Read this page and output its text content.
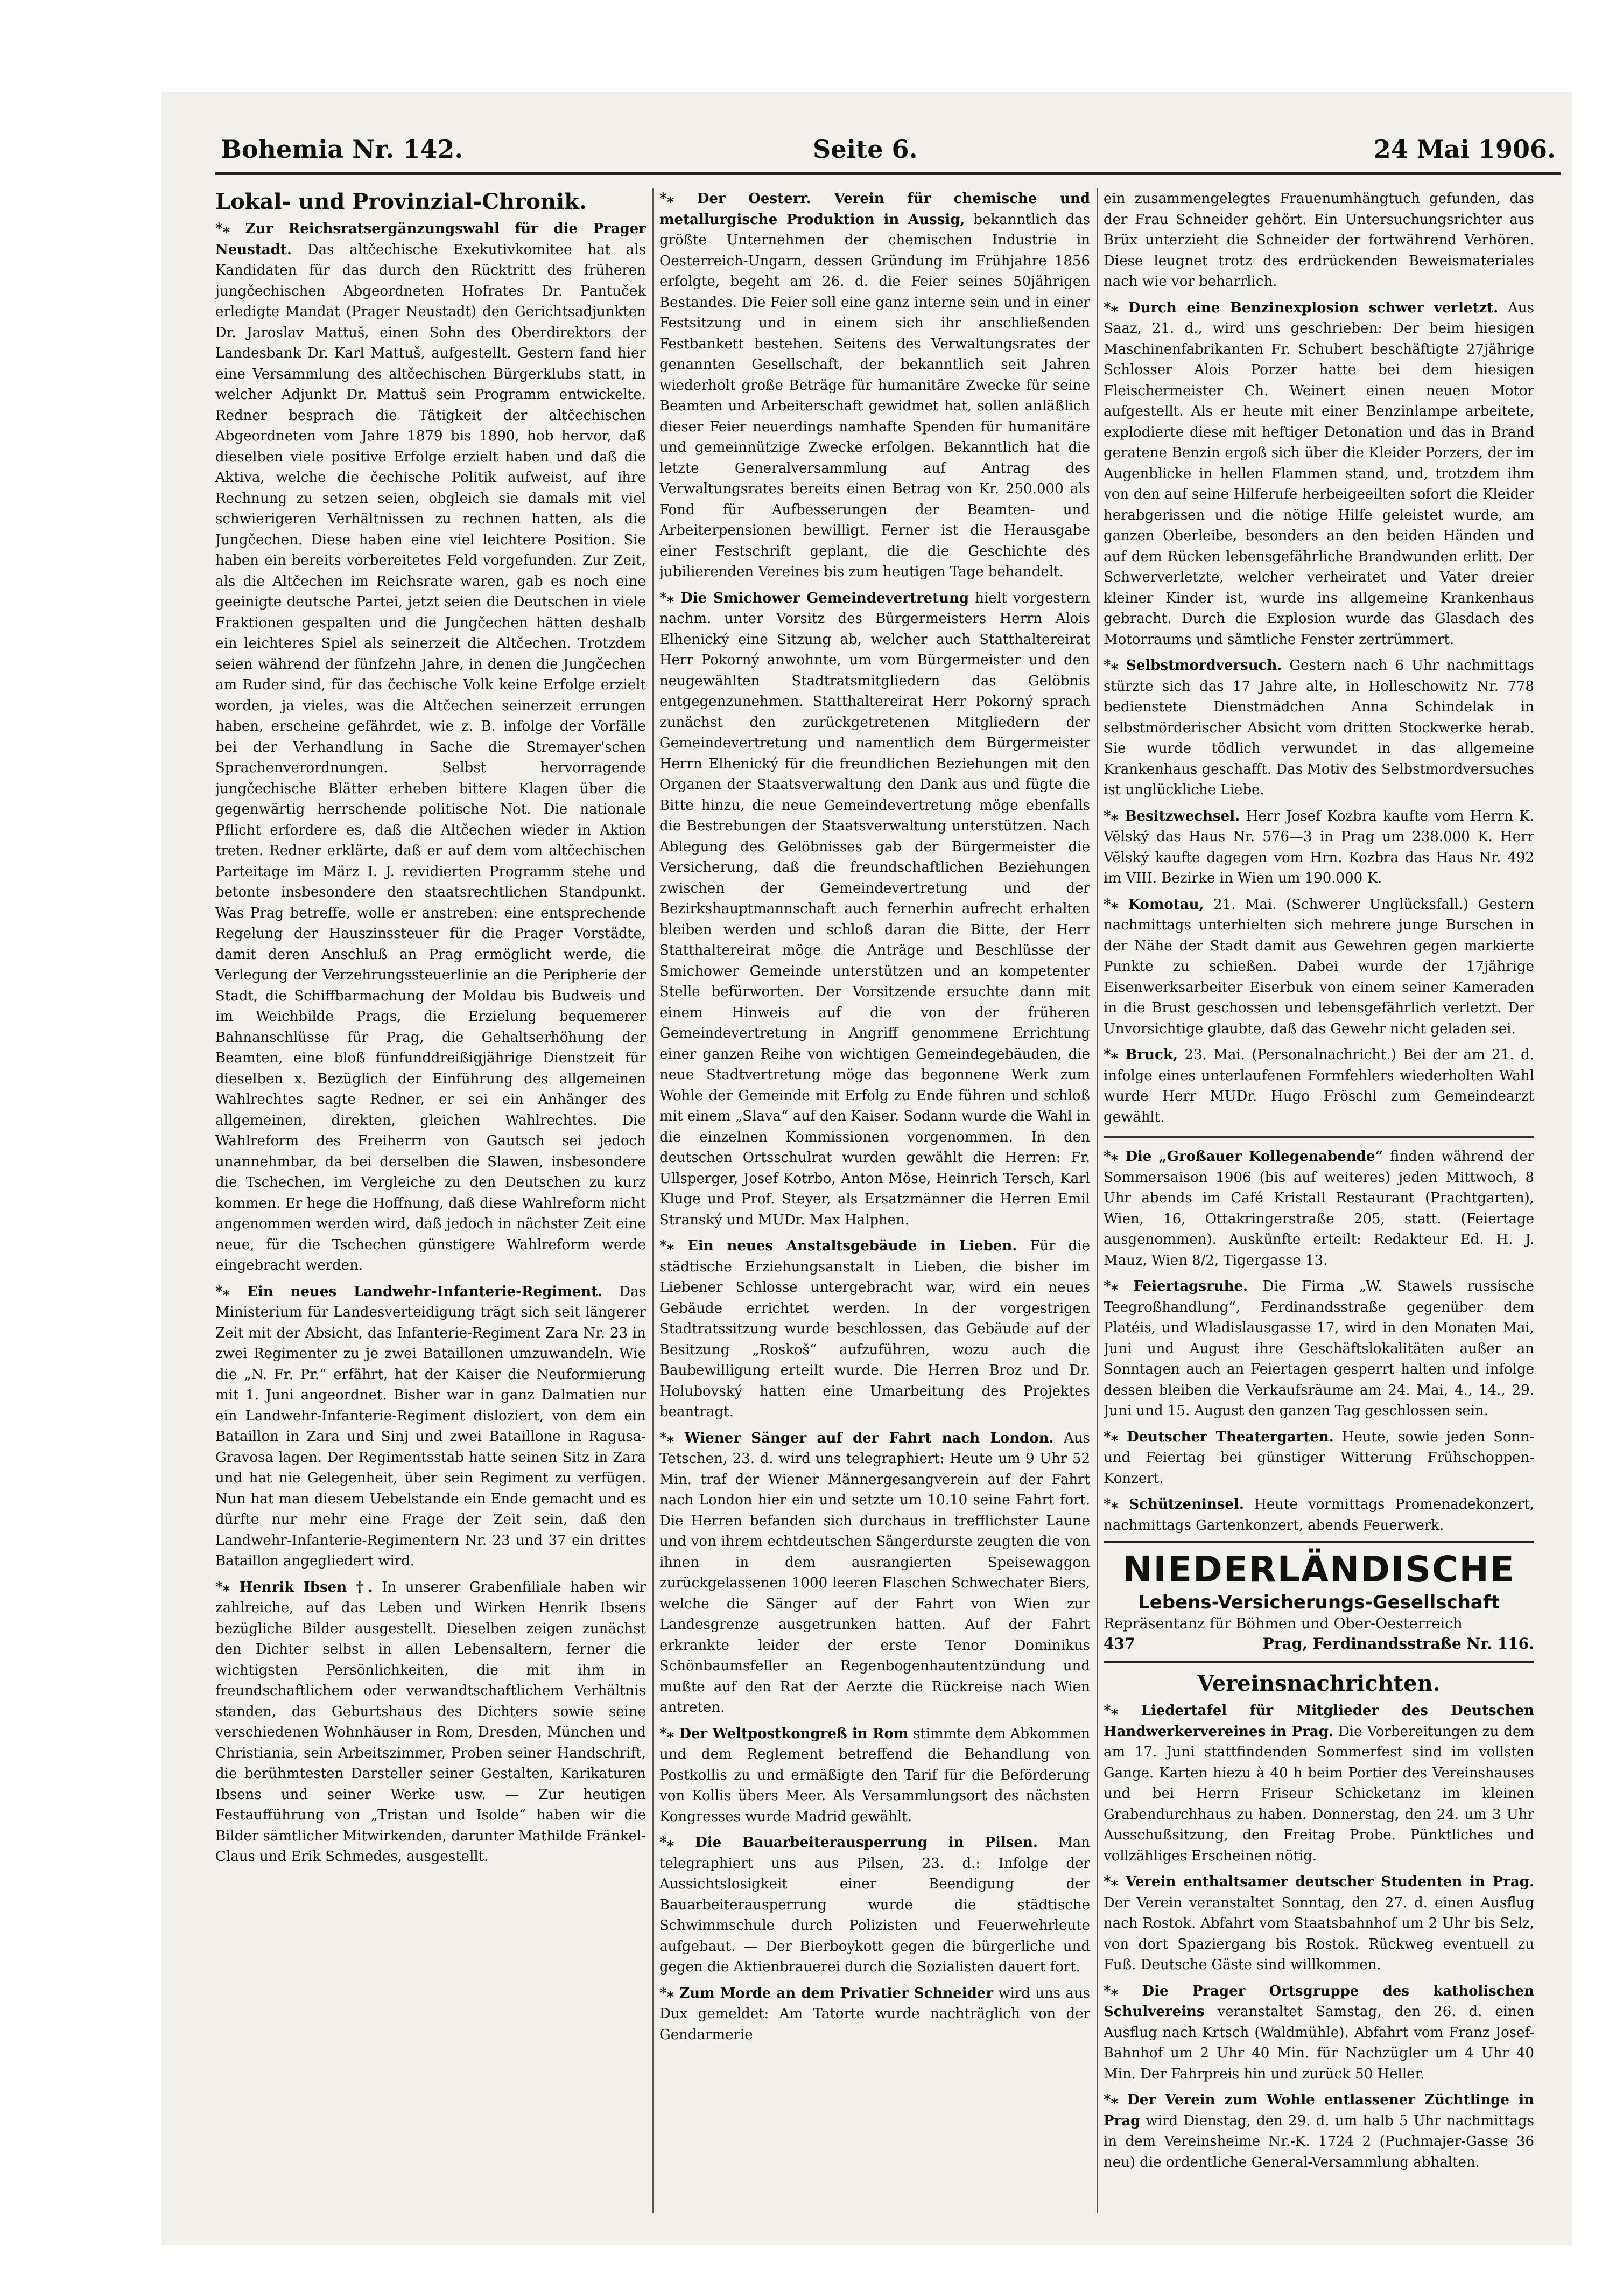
Bohemia Nr. 142.	Seite 6.	24 Mai 1906.
Lokal- und Provinzial-Chronik.
*⁎ Zur Reichsratsergänzungswahl für die Prager Neustadt. Das altčechische Exekutivkomitee hat als Kandidaten für das durch den Rücktritt des früheren jungčechischen Abgeordneten Hofrates Dr. Pantuček erledigte Mandat (Prager Neustadt) den Gerichtsadjunkten Dr. Jaroslav Mattuš, einen Sohn des Oberdirektors der Landesbank Dr. Karl Mattuš, aufgestellt. Gestern fand hier eine Versammlung des altčechischen Bürgerklubs statt, in welcher Adjunkt Dr. Mattuš sein Programm entwickelte. Redner besprach die Tätigkeit der altčechischen Abgeordneten vom Jahre 1879 bis 1890, hob hervor, daß dieselben viele positive Erfolge erzielt haben und daß die Aktiva, welche die čechische Politik aufweist, auf ihre Rechnung zu setzen seien, obgleich sie damals mit viel schwierigeren Verhältnissen zu rechnen hatten, als die Jungčechen. Diese haben eine viel leichtere Position. Sie haben ein bereits vorbereitetes Feld vorgefunden. Zur Zeit, als die Altčechen im Reichsrate waren, gab es noch eine geeinigte deutsche Partei, jetzt seien die Deutschen in viele Fraktionen gespalten und die Jungčechen hätten deshalb ein leichteres Spiel als seinerzeit die Altčechen. Trotzdem seien während der fünfzehn Jahre, in denen die Jungčechen am Ruder sind, für das čechische Volk keine Erfolge erzielt worden, ja vieles, was die Altčechen seinerzeit errungen haben, erscheine gefährdet, wie z. B. infolge der Vorfälle bei der Verhandlung in Sache die Stremayer'schen Sprachenverordnungen. Selbst hervorragende jungčechische Blätter erheben bittere Klagen über die gegenwärtig herrschende politische Not. Die nationale Pflicht erfordere es, daß die Altčechen wieder in Aktion treten. Redner erklärte, daß er auf dem vom altčechischen Parteitage im März I. J. revidierten Programm stehe und betonte insbesondere den staatsrechtlichen Standpunkt. Was Prag betreffe, wolle er anstreben: eine entsprechende Regelung der Hauszinssteuer für die Prager Vorstädte, damit deren Anschluß an Prag ermöglicht werde, die Verlegung der Verzehrungssteuerlinie an die Peripherie der Stadt, die Schiffbarmachung der Moldau bis Budweis und im Weichbilde Prags, die Erzielung bequemerer Bahnanschlüsse für Prag, die Gehaltserhöhung der Beamten, eine bloß fünfunddreißigjährige Dienstzeit für dieselben x. Bezüglich der Einführung des allgemeinen Wahlrechtes sagte Redner, er sei ein Anhänger des allgemeinen, direkten, gleichen Wahlrechtes. Die Wahlreform des Freiherrn von Gautsch sei jedoch unannehmbar, da bei derselben die Slawen, insbesondere die Tschechen, im Vergleiche zu den Deutschen zu kurz kommen. Er hege die Hoffnung, daß diese Wahlreform nicht angenommen werden wird, daß jedoch in nächster Zeit eine neue, für die Tschechen günstigere Wahlreform werde eingebracht werden.
*⁎ Ein neues Landwehr-Infanterie-Regiment. Das Ministerium für Landesverteidigung trägt sich seit längerer Zeit mit der Absicht, das Infanterie-Regiment Zara Nr. 23 in zwei Regimenter zu je zwei Bataillonen umzuwandeln. Wie die „N. Fr. Pr.“ erfährt, hat der Kaiser die Neuformierung mit 1. Juni angeordnet. Bisher war in ganz Dalmatien nur ein Landwehr-Infanterie-Regiment disloziert, von dem ein Bataillon in Zara und Sinj und zwei Bataillone in Ragusa-Gravosa lagen. Der Regimentsstab hatte seinen Sitz in Zara und hat nie Gelegenheit, über sein Regiment zu verfügen. Nun hat man diesem Uebelstande ein Ende gemacht und es dürfte nur mehr eine Frage der Zeit sein, daß den Landwehr-Infanterie-Regimentern Nr. 23 und 37 ein drittes Bataillon angegliedert wird.
*⁎ Henrik Ibsen †. In unserer Grabenfiliale haben wir zahlreiche, auf das Leben und Wirken Henrik Ibsens bezügliche Bilder ausgestellt. Dieselben zeigen zunächst den Dichter selbst in allen Lebensaltern, ferner die wichtigsten Persönlichkeiten, die mit ihm in freundschaftlichem oder verwandtschaftlichem Verhältnis standen, das Geburtshaus des Dichters sowie seine verschiedenen Wohnhäuser in Rom, Dresden, München und Christiania, sein Arbeitszimmer, Proben seiner Handschrift, die berühmtesten Darsteller seiner Gestalten, Karikaturen Ibsens und seiner Werke usw. — Zur heutigen Festaufführung von „Tristan und Isolde“ haben wir die Bilder sämtlicher Mitwirkenden, darunter Mathilde Fränkel-Claus und Erik Schmedes, ausgestellt.
*⁎ Der Oesterr. Verein für chemische und metallurgische Produktion in Aussig, bekanntlich das größte Unternehmen der chemischen Industrie in Oesterreich-Ungarn, dessen Gründung im Frühjahre 1856 erfolgte, begeht am 26. d. die Feier seines 50jährigen Bestandes. Die Feier soll eine ganz interne sein und in einer Festsitzung und in einem sich ihr anschließenden Festbankett bestehen. Seitens des Verwaltungsrates der genannten Gesellschaft, der bekanntlich seit Jahren wiederholt große Beträge für humanitäre Zwecke für seine Beamten und Arbeiterschaft gewidmet hat, sollen anläßlich dieser Feier neuerdings namhafte Spenden für humanitäre und gemeinnützige Zwecke erfolgen. Bekanntlich hat die letzte Generalversammlung auf Antrag des Verwaltungsrates bereits einen Betrag von Kr. 250.000 als Fond für Aufbesserungen der Beamten- und Arbeiterpensionen bewilligt. Ferner ist die Herausgabe einer Festschrift geplant, die die Geschichte des jubilierenden Vereines bis zum heutigen Tage behandelt.
*⁎ Die Smichower Gemeindevertretung hielt vorgestern nachm. unter Vorsitz des Bürgermeisters Herrn Alois Elhenický eine Sitzung ab, welcher auch Statthaltereirat Herr Pokorný anwohnte, um vom Bürgermeister und den neugewählten Stadtratsmitgliedern das Gelöbnis entgegenzunehmen. Statthaltereirat Herr Pokorný sprach zunächst den zurückgetretenen Mitgliedern der Gemeindevertretung und namentlich dem Bürgermeister Herrn Elhenický für die freundlichen Beziehungen mit den Organen der Staatsverwaltung den Dank aus und fügte die Bitte hinzu, die neue Gemeindevertretung möge ebenfalls die Bestrebungen der Staatsverwaltung unterstützen. Nach Ablegung des Gelöbnisses gab der Bürgermeister die Versicherung, daß die freundschaftlichen Beziehungen zwischen der Gemeindevertretung und der Bezirkshauptmannschaft auch fernerhin aufrecht erhalten bleiben werden und schloß daran die Bitte, der Herr Statthaltereirat möge die Anträge und Beschlüsse der Smichower Gemeinde unterstützen und an kompetenter Stelle befürworten. Der Vorsitzende ersuchte dann mit einem Hinweis auf die von der früheren Gemeindevertretung in Angriff genommene Errichtung einer ganzen Reihe von wichtigen Gemeindegebäuden, die neue Stadtvertretung möge das begonnene Werk zum Wohle der Gemeinde mit Erfolg zu Ende führen und schloß mit einem „Slava“ auf den Kaiser. Sodann wurde die Wahl in die einzelnen Kommissionen vorgenommen. In den deutschen Ortsschulrat wurden gewählt die Herren: Fr. Ullsperger, Josef Kotrbo, Anton Möse, Heinrich Tersch, Karl Kluge und Prof. Steyer, als Ersatzmänner die Herren Emil Stranský und MUDr. Max Halphen.
*⁎ Ein neues Anstaltsgebäude in Lieben. Für die städtische Erziehungsanstalt in Lieben, die bisher im Liebener Schlosse untergebracht war, wird ein neues Gebäude errichtet werden. In der vorgestrigen Stadtratssitzung wurde beschlossen, das Gebäude auf der Besitzung „Roskoš“ aufzuführen, wozu auch die Baubewilligung erteilt wurde. Die Herren Broz und Dr. Holubovský hatten eine Umarbeitung des Projektes beantragt.
*⁎ Wiener Sänger auf der Fahrt nach London. Aus Tetschen, 23. d. wird uns telegraphiert: Heute um 9 Uhr 52 Min. traf der Wiener Männergesangverein auf der Fahrt nach London hier ein und setzte um 10.10 seine Fahrt fort. Die Herren befanden sich durchaus in trefflichster Laune und von ihrem echtdeutschen Sängerdurste zeugten die von ihnen in dem ausrangierten Speisewaggon zurückgelassenen 1000 leeren Flaschen Schwechater Biers, welche die Sänger auf der Fahrt von Wien zur Landesgrenze ausgetrunken hatten. Auf der Fahrt erkrankte leider der erste Tenor Dominikus Schönbaumsfeller an Regenbogenhautentzündung und mußte auf den Rat der Aerzte die Rückreise nach Wien antreten.
*⁎ Der Weltpostkongreß in Rom stimmte dem Abkommen und dem Reglement betreffend die Behandlung von Postkollis zu und ermäßigte den Tarif für die Beförderung von Kollis übers Meer. Als Versammlungsort des nächsten Kongresses wurde Madrid gewählt.
*⁎ Die Bauarbeiterausperrung in Pilsen. Man telegraphiert uns aus Pilsen, 23. d.: Infolge der Aussichtslosigkeit einer Beendigung der Bauarbeiterausperrung wurde die städtische Schwimmschule durch Polizisten und Feuerwehrleute aufgebaut. — Der Bierboykott gegen die bürgerliche und gegen die Aktienbrauerei durch die Sozialisten dauert fort.
*⁎ Zum Morde an dem Privatier Schneider wird uns aus Dux gemeldet: Am Tatorte wurde nachträglich von der Gendarmerie
ein zusammengelegtes Frauenumhängtuch gefunden, das der Frau Schneider gehört. Ein Untersuchungsrichter aus Brüx unterzieht die Schneider der fortwährend Verhören. Diese leugnet trotz des erdrückenden Beweismateriales nach wie vor beharrlich.
*⁎ Durch eine Benzinexplosion schwer verletzt. Aus Saaz, 21. d., wird uns geschrieben: Der beim hiesigen Maschinenfabrikanten Fr. Schubert beschäftigte 27jährige Schlosser Alois Porzer hatte bei dem hiesigen Fleischermeister Ch. Weinert einen neuen Motor aufgestellt. Als er heute mit einer Benzinlampe arbeitete, explodierte diese mit heftiger Detonation und das in Brand geratene Benzin ergoß sich über die Kleider Porzers, der im Augenblicke in hellen Flammen stand, und, trotzdem ihm von den auf seine Hilferufe herbeigeeilten sofort die Kleider herabgerissen und die nötige Hilfe geleistet wurde, am ganzen Oberleibe, besonders an den beiden Händen und auf dem Rücken lebensgefährliche Brandwunden erlitt. Der Schwerverletzte, welcher verheiratet und Vater dreier kleiner Kinder ist, wurde ins allgemeine Krankenhaus gebracht. Durch die Explosion wurde das Glasdach des Motorraums und sämtliche Fenster zertrümmert.
*⁎ Selbstmordversuch. Gestern nach 6 Uhr nachmittags stürzte sich das 17 Jahre alte, in Holleschowitz Nr. 778 bedienstete Dienstmädchen Anna Schindelak in selbstmörderischer Absicht vom dritten Stockwerke herab. Sie wurde tödlich verwundet in das allgemeine Krankenhaus geschafft. Das Motiv des Selbstmordversuches ist unglückliche Liebe.
*⁎ Besitzwechsel. Herr Josef Kozbra kaufte vom Herrn K. Vělský das Haus Nr. 576—3 in Prag um 238.000 K. Herr Vělský kaufte dagegen vom Hrn. Kozbra das Haus Nr. 492 im VIII. Bezirke in Wien um 190.000 K.
*⁎ Komotau, 21. Mai. (Schwerer Unglücksfall.) Gestern nachmittags unterhielten sich mehrere junge Burschen in der Nähe der Stadt damit aus Gewehren gegen markierte Punkte zu schießen. Dabei wurde der 17jährige Eisenwerksarbeiter Eiserbuk von einem seiner Kameraden in die Brust geschossen und lebensgefährlich verletzt. Der Unvorsichtige glaubte, daß das Gewehr nicht geladen sei.
*⁎ Bruck, 23. Mai. (Personalnachricht.) Bei der am 21. d. infolge eines unterlaufenen Formfehlers wiederholten Wahl wurde Herr MUDr. Hugo Fröschl zum Gemeindearzt gewählt.
*⁎ Die „Großauer Kollegenabende“ finden während der Sommersaison 1906 (bis auf weiteres) jeden Mittwoch, 8 Uhr abends im Café Kristall Restaurant (Prachtgarten), Wien, 16, Ottakringerstraße 205, statt. (Feiertage ausgenommen). Auskünfte erteilt: Redakteur Ed. H. J. Mauz, Wien 8/2, Tigergasse 13.
*⁎ Feiertagsruhe. Die Firma „W. Stawels russische Teegroßhandlung“, Ferdinandsstraße gegenüber dem Platéis, und Wladislausgasse 17, wird in den Monaten Mai, Juni und August ihre Geschäftslokalitäten außer an Sonntagen auch an Feiertagen gesperrt halten und infolge dessen bleiben die Verkaufsräume am 24. Mai, 4., 14., 29. Juni und 15. August den ganzen Tag geschlossen sein.
*⁎ Deutscher Theatergarten. Heute, sowie jeden Sonn- und Feiertag bei günstiger Witterung Frühschoppen-Konzert.
*⁎ Schützeninsel. Heute vormittags Promenadekonzert, nachmittags Gartenkonzert, abends Feuerwerk.
NIEDERLÄNDISCHE
Lebens-Versicherungs-Gesellschaft
Repräsentanz für Böhmen und Ober-Oesterreich
437	Prag, Ferdinandsstraße Nr. 116.
Vereinsnachrichten.
*⁎ Liedertafel für Mitglieder des Deutschen Handwerkervereines in Prag. Die Vorbereitungen zu dem am 17. Juni stattfindenden Sommerfest sind im vollsten Gange. Karten hiezu à 40 h beim Portier des Vereinshauses und bei Herrn Friseur Schicketanz im kleinen Grabendurchhaus zu haben. Donnerstag, den 24. um 3 Uhr Ausschußsitzung, den Freitag Probe. Pünktliches und vollzähliges Erscheinen nötig.
*⁎ Verein enthaltsamer deutscher Studenten in Prag. Der Verein veranstaltet Sonntag, den 27. d. einen Ausflug nach Rostok. Abfahrt vom Staatsbahnhof um 2 Uhr bis Selz, von dort Spaziergang bis Rostok. Rückweg eventuell zu Fuß. Deutsche Gäste sind willkommen.
*⁎ Die Prager Ortsgruppe des katholischen Schulvereins veranstaltet Samstag, den 26. d. einen Ausflug nach Krtsch (Waldmühle). Abfahrt vom Franz Josef-Bahnhof um 2 Uhr 40 Min. für Nachzügler um 4 Uhr 40 Min. Der Fahrpreis hin und zurück 50 Heller.
*⁎ Der Verein zum Wohle entlassener Züchtlinge in Prag wird Dienstag, den 29. d. um halb 5 Uhr nachmittags in dem Vereinsheime Nr.-K. 1724 2 (Puchmajer-Gasse 36 neu) die ordentliche General-Versammlung abhalten.
